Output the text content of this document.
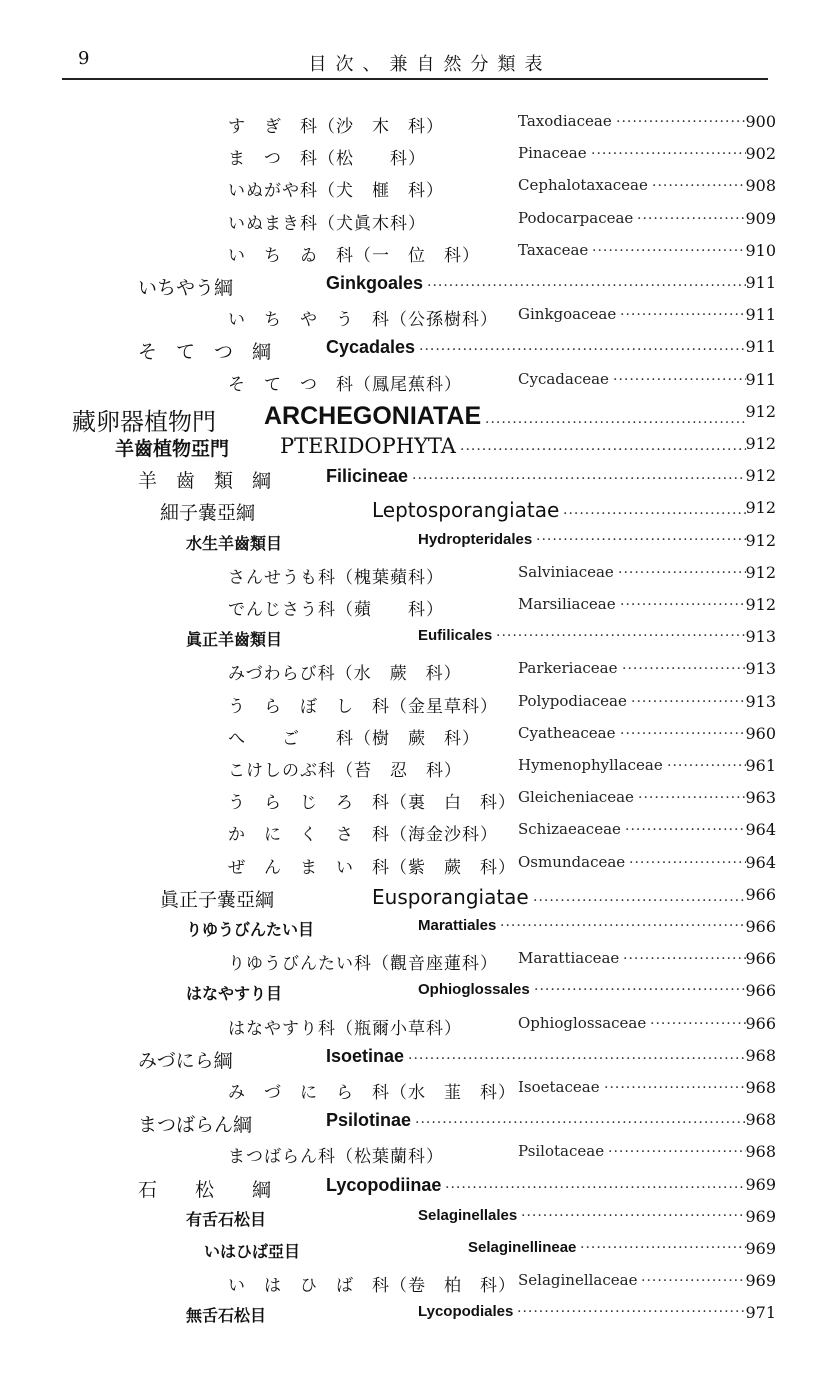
9	目次、兼自然分類表
す　ぎ　科（沙　木　科）	Taxodiaceae .....	900
ま　つ　科（松　　科）	Pinaceae .....	902
いぬがや科（犬　榧　科）	Cephalotaxaceae .....	908
いぬまき科（犬眞木科）	Podocarpaceae .....	909
い　ち　ゐ　科（一　位　科）	Taxaceae .....	910
いちやう綱	Ginkgoales .....	911
い　ち　や　う　科（公孫樹科） Ginkgoaceae .....	911
そ　て　つ　綱	Cycadales .....	911
そ　て　つ　科（鳳尾蕉科）	Cycadaceae .....	911
藏卵器植物門 ARCHEGONIATAE .....	912
羊齒植物亞門 PTERIDOPHYTA .....	912
羊　齒　類　綱	Filicineae .....	912
細子嚢亞綱	Leptosporangiatae .....	912
水生羊齒類目	Hydropteridales .....	912
さんせうも科（槐葉蘋科）	Salviniaceae .....	912
でんじさう科（蘋　　科）	Marsiliaceae .....	912
眞正羊齒類目	Eufilicales .....	913
みづわらび科（水　蕨　科）	Parkeriaceae .....	913
う　ら　ぼ　し　科（金星草科） Polypodiaceae .....	913
へ　　ご　　科（樹　蕨　科）	Cyatheaceae .....	960
こけしのぶ科（苔　忍　科）	Hymenophyllaceae .....	961
う　ら　じ　ろ　科（裏　白　科） Gleicheniaceae .....	963
か　に　く　さ　科（海金沙科） Schizaeaceae .....	964
ぜ　ん　ま　い　科（紫　蕨　科） Osmundaceae .....	964
眞正子嚢亞綱	Eusporangiatae .....	966
りゆうびんたい目	Marattiales .....	966
りゆうびんたい科（觀音座蓮科） Marattiaceae .....	966
はなやすり目	Ophioglossales .....	966
はなやすり科（瓶爾小草科）	Ophioglossaceae .....	966
みづにら綱	Isoetinae .....	968
み　づ　に　ら　科（水　韮　科） Isoetaceae .....	968
まつばらん綱	Psilotinae .....	968
まつばらん科（松葉蘭科）	Psilotaceae .....	968
石　　松　　綱	Lycopodiinae .....	969
有舌石松目	Selaginellales .....	969
いはひば亞目	Selaginellineae .....	969
い　は　ひ　ば　科（卷　柏　科） Selaginellaceae .....	969
無舌石松目	Lycopodiales .....	971
